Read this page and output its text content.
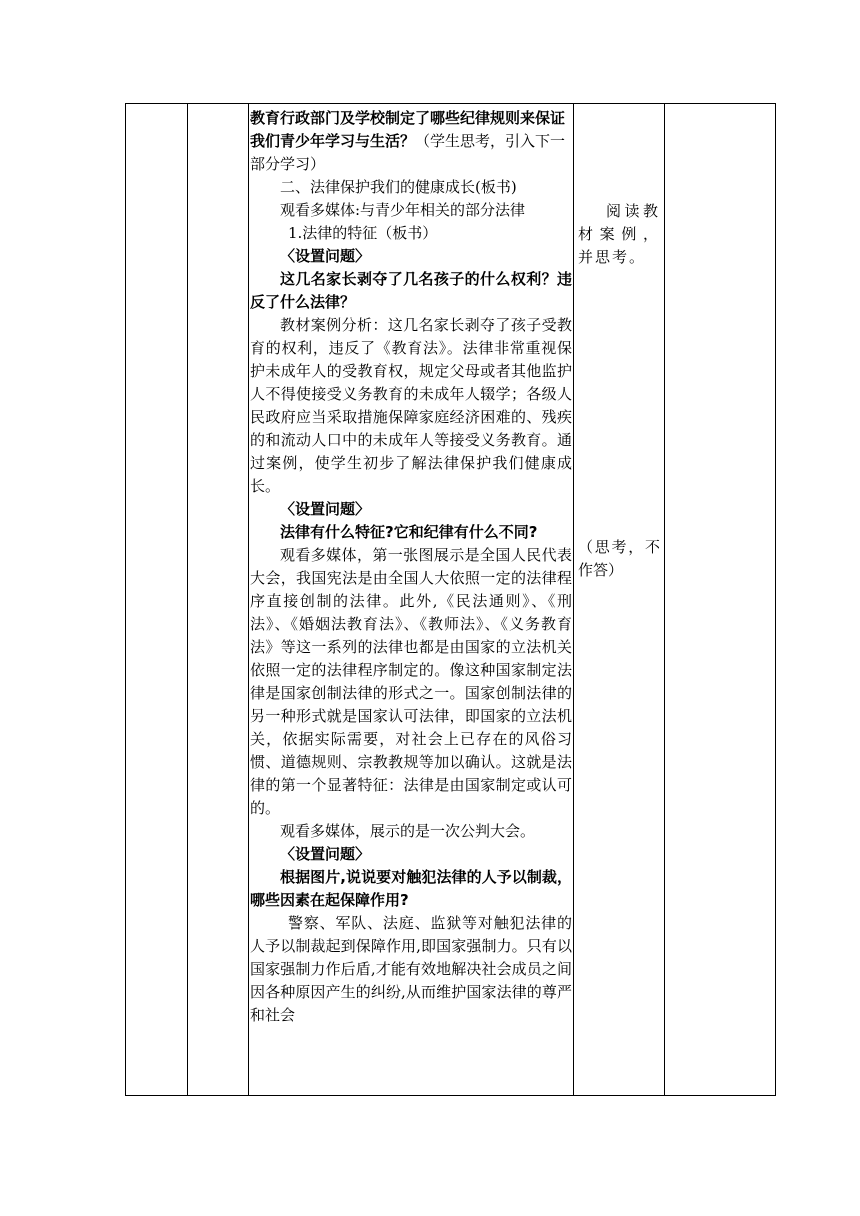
教育行政部门及学校制定了哪些纪律规则来保证我们青少年学习与生活？

（学生思考，引入下一部分学习）

二、法律保护我们的健康成长(板书)

观看多媒体:与青少年相关的部分法律

1.法律的特征（板书）

〈设置问题〉

这几名家长剥夺了几名孩子的什么权利？违反了什么法律？

教材案例分析：这几名家长剥夺了孩子受教育的权利，违反了《教育法》。法律非常重视保护未成年人的受教育权，规定父母或者其他监护人不得使接受义务教育的未成年人辍学；各级人民政府应当采取措施保障家庭经济困难的、残疾的和流动人口中的未成年人等接受义务教育。通过案例，使学生初步了解法律保护我们健康成长。

〈设置问题〉

法律有什么特征?它和纪律有什么不同?

观看多媒体，第一张图展示是全国人民代表大会，我国宪法是由全国人大依照一定的法律程序直接创制的法律。此外,《民法通则》、《刑法》、《婚姻法教育法》、《教师法》、《义务教育法》等这一系列的法律也都是由国家的立法机关依照一定的法律程序制定的。像这种国家制定法律是国家创制法律的形式之一。国家创制法律的另一种形式就是国家认可法律，即国家的立法机关，依据实际需要，对社会上已存在的风俗习惯、道德规则、宗教教规等加以确认。这就是法律的第一个显著特征：法律是由国家制定或认可的。

观看多媒体，展示的是一次公判大会。

〈设置问题〉

根据图片,说说要对触犯法律的人予以制裁，哪些因素在起保障作用?

警察、军队、法庭、监狱等对触犯法律的人予以制裁起到保障作用,即国家强制力。只有以国家强制力作后盾,才能有效地解决社会成员之间因各种原因产生的纠纷,从而维护国家法律的尊严和社会

阅读教材案例，并思考。

（思考，不作答）
